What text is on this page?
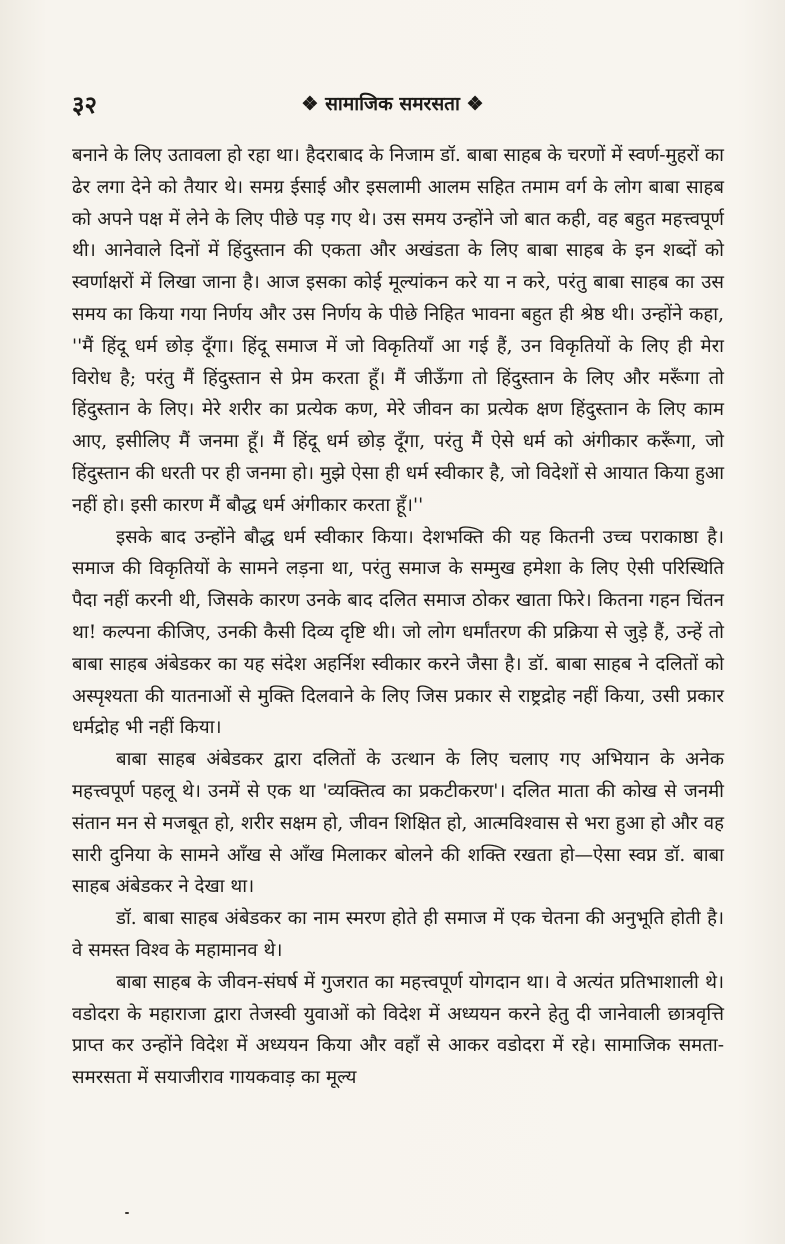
३२	❖ सामाजिक समरसता ❖

बनाने के लिए उतावला हो रहा था। हैदराबाद के निजाम डॉ. बाबा साहब के चरणों में स्वर्ण-मुहरों का ढेर लगा देने को तैयार थे। समग्र ईसाई और इसलामी आलम सहित तमाम वर्ग के लोग बाबा साहब को अपने पक्ष में लेने के लिए पीछे पड़ गए थे। उस समय उन्होंने जो बात कही, वह बहुत महत्त्वपूर्ण थी। आनेवाले दिनों में हिंदुस्तान की एकता और अखंडता के लिए बाबा साहब के इन शब्दों को स्वर्णाक्षरों में लिखा जाना है। आज इसका कोई मूल्यांकन करे या न करे, परंतु बाबा साहब का उस समय का किया गया निर्णय और उस निर्णय के पीछे निहित भावना बहुत ही श्रेष्ठ थी। उन्होंने कहा, ''मैं हिंदू धर्म छोड़ दूँगा। हिंदू समाज में जो विकृतियाँ आ गई हैं, उन विकृतियों के लिए ही मेरा विरोध है; परंतु मैं हिंदुस्तान से प्रेम करता हूँ। मैं जीऊँगा तो हिंदुस्तान के लिए और मरूँगा तो हिंदुस्तान के लिए। मेरे शरीर का प्रत्येक कण, मेरे जीवन का प्रत्येक क्षण हिंदुस्तान के लिए काम आए, इसीलिए मैं जनमा हूँ। मैं हिंदू धर्म छोड़ दूँगा, परंतु मैं ऐसे धर्म को अंगीकार करूँगा, जो हिंदुस्तान की धरती पर ही जनमा हो। मुझे ऐसा ही धर्म स्वीकार है, जो विदेशों से आयात किया हुआ नहीं हो। इसी कारण मैं बौद्ध धर्म अंगीकार करता हूँ।''

इसके बाद उन्होंने बौद्ध धर्म स्वीकार किया। देशभक्ति की यह कितनी उच्च पराकाष्ठा है। समाज की विकृतियों के सामने लड़ना था, परंतु समाज के सम्मुख हमेशा के लिए ऐसी परिस्थिति पैदा नहीं करनी थी, जिसके कारण उनके बाद दलित समाज ठोकर खाता फिरे। कितना गहन चिंतन था! कल्पना कीजिए, उनकी कैसी दिव्य दृष्टि थी। जो लोग धर्मांतरण की प्रक्रिया से जुड़े हैं, उन्हें तो बाबा साहब अंबेडकर का यह संदेश अहर्निश स्वीकार करने जैसा है। डॉ. बाबा साहब ने दलितों को अस्पृश्यता की यातनाओं से मुक्ति दिलवाने के लिए जिस प्रकार से राष्ट्रद्रोह नहीं किया, उसी प्रकार धर्मद्रोह भी नहीं किया।

बाबा साहब अंबेडकर द्वारा दलितों के उत्थान के लिए चलाए गए अभियान के अनेक महत्त्वपूर्ण पहलू थे। उनमें से एक था 'व्यक्तित्व का प्रकटीकरण'। दलित माता की कोख से जनमी संतान मन से मजबूत हो, शरीर सक्षम हो, जीवन शिक्षित हो, आत्मविश्वास से भरा हुआ हो और वह सारी दुनिया के सामने आँख से आँख मिलाकर बोलने की शक्ति रखता हो—ऐसा स्वप्न डॉ. बाबा साहब अंबेडकर ने देखा था।

डॉ. बाबा साहब अंबेडकर का नाम स्मरण होते ही समाज में एक चेतना की अनुभूति होती है। वे समस्त विश्व के महामानव थे।

बाबा साहब के जीवन-संघर्ष में गुजरात का महत्त्वपूर्ण योगदान था। वे अत्यंत प्रतिभाशाली थे। वडोदरा के महाराजा द्वारा तेजस्वी युवाओं को विदेश में अध्ययन करने हेतु दी जानेवाली छात्रवृत्ति प्राप्त कर उन्होंने विदेश में अध्ययन किया और वहाँ से आकर वडोदरा में रहे। सामाजिक समता-समरसता में सयाजीराव गायकवाड़ का मूल्य
